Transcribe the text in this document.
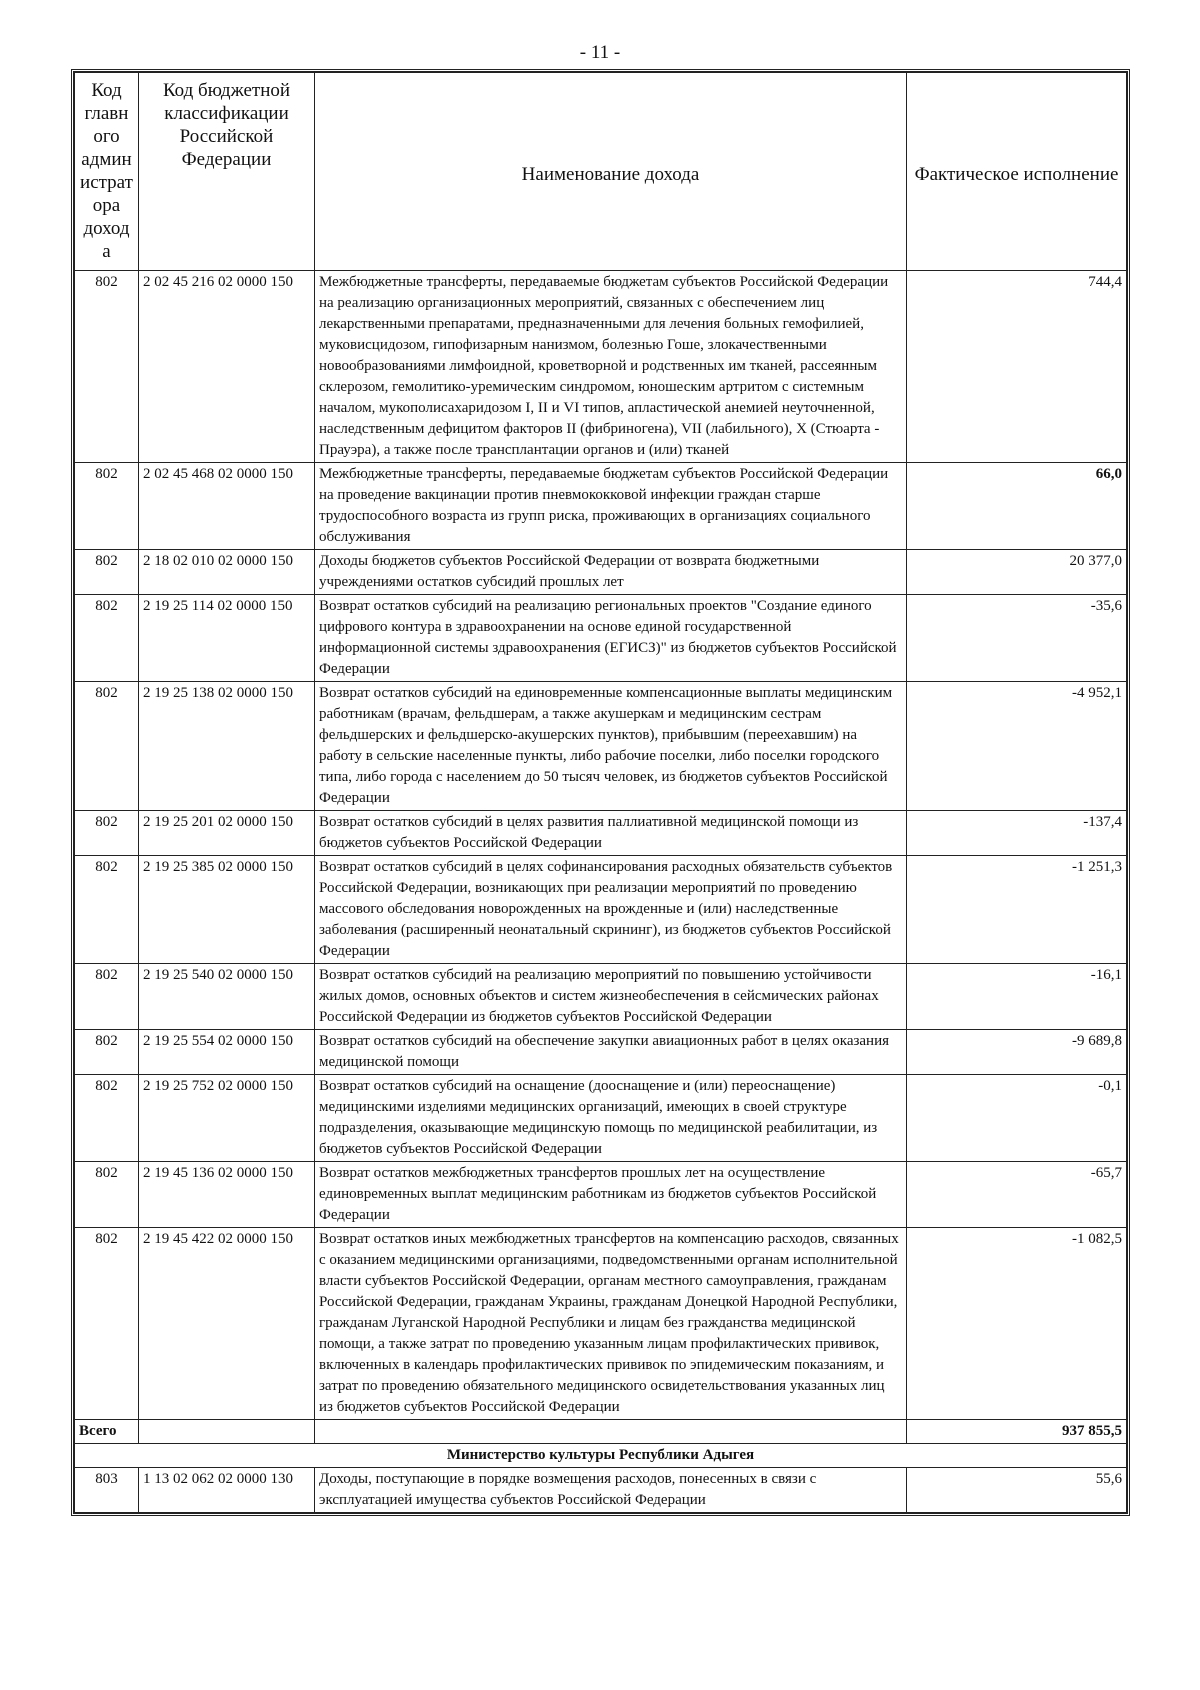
- 11 -
Код главн ого админ истрат ора доход а	Код бюджетной классификации Российской Федерации	Наименование дохода	Фактическое исполнение
802	2 02 45 216 02 0000 150	Межбюджетные трансферты, передаваемые бюджетам субъектов Российской Федерации на реализацию организационных мероприятий, связанных с обеспечением лиц лекарственными препаратами, предназначенными для лечения больных гемофилией, муковисцидозом, гипофизарным нанизмом, болезнью Гоше, злокачественными новообразованиями лимфоидной, кроветворной и родственных им тканей, рассеянным склерозом, гемолитико-уремическим синдромом, юношеским артритом с системным началом, мукополисахаридозом I, II и VI типов, апластической анемией неуточненной, наследственным дефицитом факторов II (фибриногена), VII (лабильного), X (Стюарта - Прауэра), а также после трансплантации органов и (или) тканей	744,4
802	2 02 45 468 02 0000 150	Межбюджетные трансферты, передаваемые бюджетам субъектов Российской Федерации на проведение вакцинации против пневмококковой инфекции граждан старше трудоспособного возраста из групп риска, проживающих в организациях социального обслуживания	66,0
802	2 18 02 010 02 0000 150	Доходы бюджетов субъектов Российской Федерации от возврата бюджетными учреждениями остатков субсидий прошлых лет	20 377,0
802	2 19 25 114 02 0000 150	Возврат остатков субсидий на реализацию региональных проектов "Создание единого цифрового контура в здравоохранении на основе единой государственной информационной системы здравоохранения (ЕГИСЗ)" из бюджетов субъектов Российской Федерации	-35,6
802	2 19 25 138 02 0000 150	Возврат остатков субсидий на единовременные компенсационные выплаты медицинским работникам (врачам, фельдшерам, а также акушеркам и медицинским сестрам фельдшерских и фельдшерско-акушерских пунктов), прибывшим (переехавшим) на работу в сельские населенные пункты, либо рабочие поселки, либо поселки городского типа, либо города с населением до 50 тысяч человек, из бюджетов субъектов Российской Федерации	-4 952,1
802	2 19 25 201 02 0000 150	Возврат остатков субсидий в целях развития паллиативной медицинской помощи из бюджетов субъектов Российской Федерации	-137,4
802	2 19 25 385 02 0000 150	Возврат остатков субсидий в целях софинансирования расходных обязательств субъектов Российской Федерации, возникающих при реализации мероприятий по проведению массового обследования новорожденных на врожденные и (или) наследственные заболевания (расширенный неонатальный скрининг), из бюджетов субъектов Российской Федерации	-1 251,3
802	2 19 25 540 02 0000 150	Возврат остатков субсидий на реализацию мероприятий по повышению устойчивости жилых домов, основных объектов и систем жизнеобеспечения в сейсмических районах Российской Федерации из бюджетов субъектов Российской Федерации	-16,1
802	2 19 25 554 02 0000 150	Возврат остатков субсидий на обеспечение закупки авиационных работ в целях оказания медицинской помощи	-9 689,8
802	2 19 25 752 02 0000 150	Возврат остатков субсидий на оснащение (дооснащение и (или) переоснащение) медицинскими изделиями медицинских организаций, имеющих в своей структуре подразделения, оказывающие медицинскую помощь по медицинской реабилитации, из бюджетов субъектов Российской Федерации	-0,1
802	2 19 45 136 02 0000 150	Возврат остатков межбюджетных трансфертов прошлых лет на осуществление единовременных выплат медицинским работникам из бюджетов субъектов Российской Федерации	-65,7
802	2 19 45 422 02 0000 150	Возврат остатков иных межбюджетных трансфертов на компенсацию расходов, связанных с оказанием медицинскими организациями, подведомственными органам исполнительной власти субъектов Российской Федерации, органам местного самоуправления, гражданам Российской Федерации, гражданам Украины, гражданам Донецкой Народной Республики, гражданам Луганской Народной Республики и лицам без гражданства медицинской помощи, а также затрат по проведению указанным лицам профилактических прививок, включенных в календарь профилактических прививок по эпидемическим показаниям, и затрат по проведению обязательного медицинского освидетельствования указанных лиц из бюджетов субъектов Российской Федерации	-1 082,5
Всего			937 855,5
Министерство культуры Республики Адыгея			
803	1 13 02 062 02 0000 130	Доходы, поступающие в порядке возмещения расходов, понесенных в связи с эксплуатацией имущества субъектов Российской Федерации	55,6
